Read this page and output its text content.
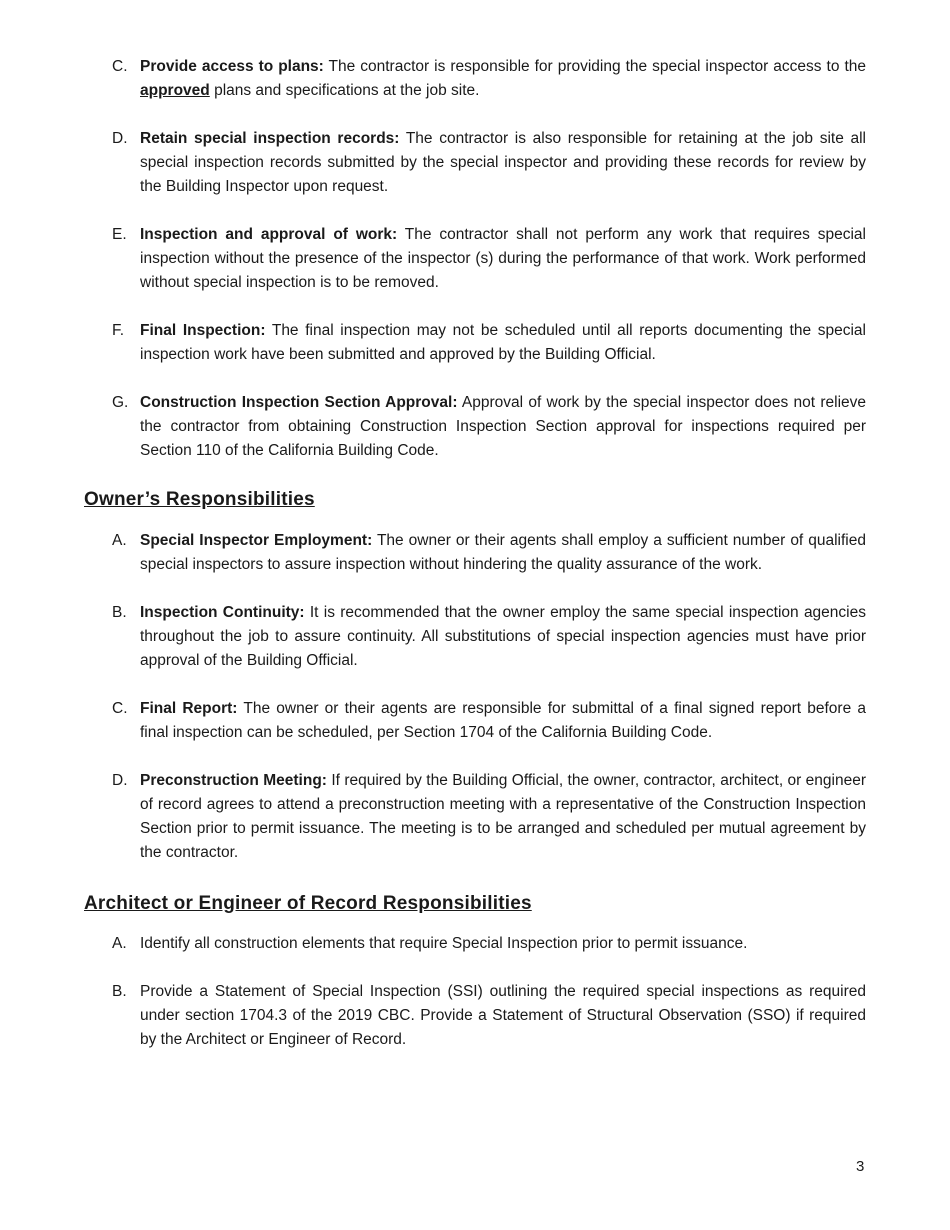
C. Provide access to plans: The contractor is responsible for providing the special inspector access to the approved plans and specifications at the job site.
D. Retain special inspection records: The contractor is also responsible for retaining at the job site all special inspection records submitted by the special inspector and providing these records for review by the Building Inspector upon request.
E. Inspection and approval of work: The contractor shall not perform any work that requires special inspection without the presence of the inspector (s) during the performance of that work. Work performed without special inspection is to be removed.
F. Final Inspection: The final inspection may not be scheduled until all reports documenting the special inspection work have been submitted and approved by the Building Official.
G. Construction Inspection Section Approval: Approval of work by the special inspector does not relieve the contractor from obtaining Construction Inspection Section approval for inspections required per Section 110 of the California Building Code.
Owner’s Responsibilities
A. Special Inspector Employment: The owner or their agents shall employ a sufficient number of qualified special inspectors to assure inspection without hindering the quality assurance of the work.
B. Inspection Continuity: It is recommended that the owner employ the same special inspection agencies throughout the job to assure continuity. All substitutions of special inspection agencies must have prior approval of the Building Official.
C. Final Report: The owner or their agents are responsible for submittal of a final signed report before a final inspection can be scheduled, per Section 1704 of the California Building Code.
D. Preconstruction Meeting: If required by the Building Official, the owner, contractor, architect, or engineer of record agrees to attend a preconstruction meeting with a representative of the Construction Inspection Section prior to permit issuance. The meeting is to be arranged and scheduled per mutual agreement by the contractor.
Architect or Engineer of Record Responsibilities
A. Identify all construction elements that require Special Inspection prior to permit issuance.
B. Provide a Statement of Special Inspection (SSI) outlining the required special inspections as required under section 1704.3 of the 2019 CBC. Provide a Statement of Structural Observation (SSO) if required by the Architect or Engineer of Record.
3
